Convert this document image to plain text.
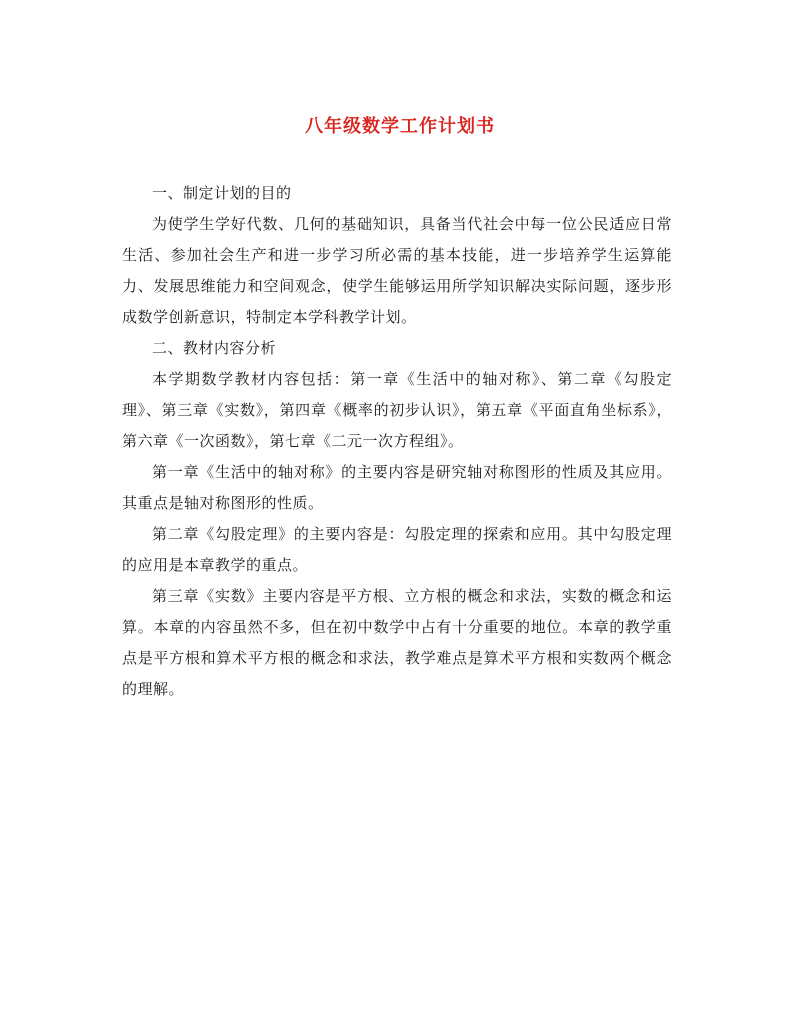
八年级数学工作计划书

一、制定计划的目的

为使学生学好代数、几何的基础知识，具备当代社会中每一位公民适应日常生活、参加社会生产和进一步学习所必需的基本技能，进一步培养学生运算能力、发展思维能力和空间观念，使学生能够运用所学知识解决实际问题，逐步形成数学创新意识，特制定本学科教学计划。

二、教材内容分析

本学期数学教材内容包括：第一章《生活中的轴对称》、第二章《勾股定理》、第三章《实数》，第四章《概率的初步认识》，第五章《平面直角坐标系》，第六章《一次函数》，第七章《二元一次方程组》。

第一章《生活中的轴对称》的主要内容是研究轴对称图形的性质及其应用。其重点是轴对称图形的性质。

第二章《勾股定理》的主要内容是：勾股定理的探索和应用。其中勾股定理的应用是本章教学的重点。

第三章《实数》主要内容是平方根、立方根的概念和求法，实数的概念和运算。本章的内容虽然不多，但在初中数学中占有十分重要的地位。本章的教学重点是平方根和算术平方根的概念和求法，教学难点是算术平方根和实数两个概念的理解。
